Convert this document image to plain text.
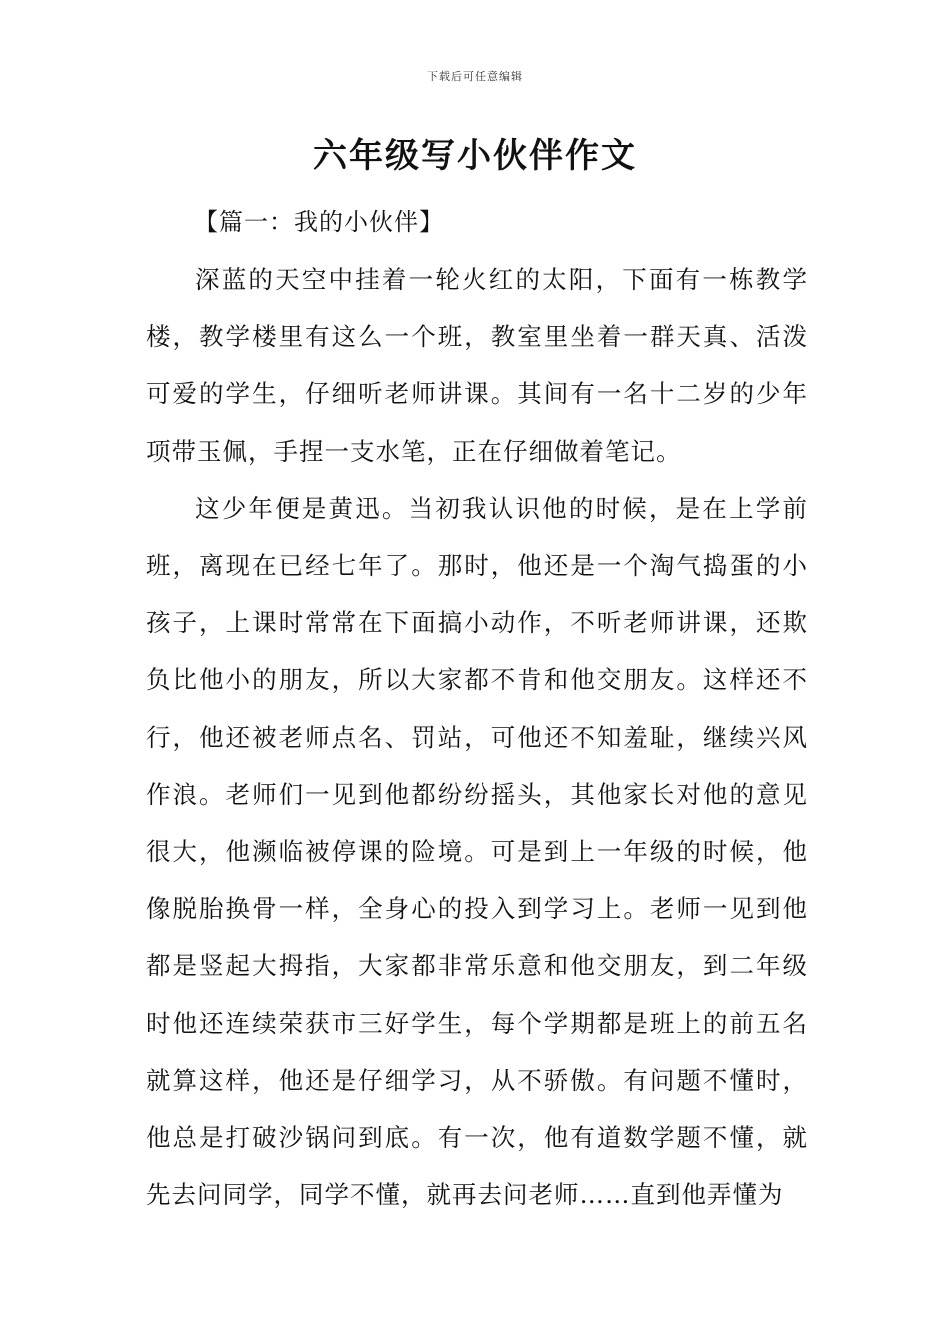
下载后可任意编辑
六年级写小伙伴作文

【篇一：我的小伙伴】

深蓝的天空中挂着一轮火红的太阳，下面有一栋教学楼，教学楼里有这么一个班，教室里坐着一群天真、活泼可爱的学生，仔细听老师讲课。其间有一名十二岁的少年项带玉佩，手捏一支水笔，正在仔细做着笔记。

这少年便是黄迅。当初我认识他的时候，是在上学前班，离现在已经七年了。那时，他还是一个淘气捣蛋的小孩子，上课时常常在下面搞小动作，不听老师讲课，还欺负比他小的朋友，所以大家都不肯和他交朋友。这样还不行，他还被老师点名、罚站，可他还不知羞耻，继续兴风作浪。老师们一见到他都纷纷摇头，其他家长对他的意见很大，他濒临被停课的险境。可是到上一年级的时候，他像脱胎换骨一样，全身心的投入到学习上。老师一见到他都是竖起大拇指，大家都非常乐意和他交朋友，到二年级时他还连续荣获市三好学生，每个学期都是班上的前五名就算这样，他还是仔细学习，从不骄傲。有问题不懂时，他总是打破沙锅问到底。有一次，他有道数学题不懂，就先去问同学，同学不懂，就再去问老师……直到他弄懂为
